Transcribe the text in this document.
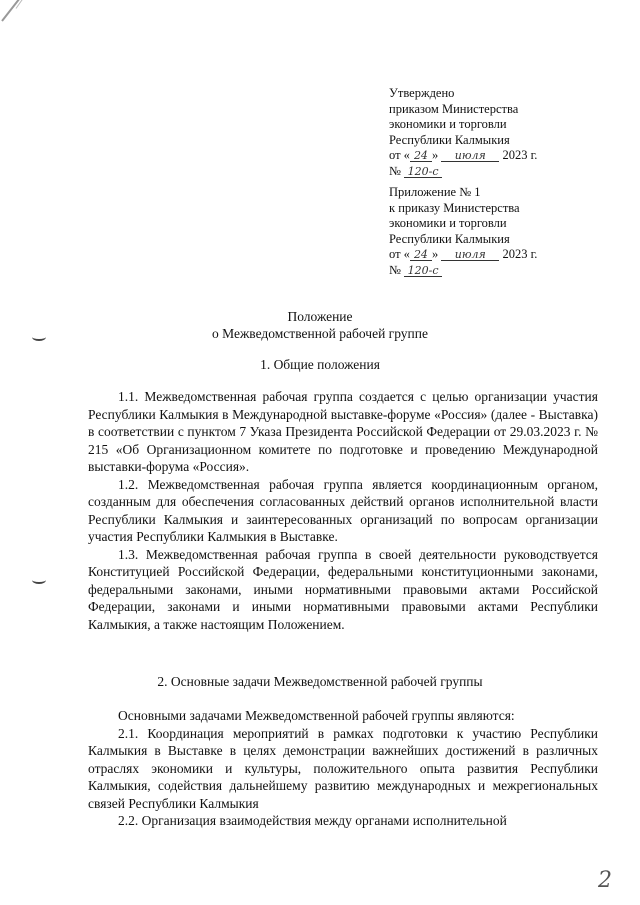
Утверждено
приказом Министерства
экономики и торговли
Республики Калмыкия
от « 24 » июля 2023 г.
№ 120-с
Приложение № 1
к приказу Министерства
экономики и торговли
Республики Калмыкия
от « 24 » июля 2023 г.
№ 120-с
Положение
о Межведомственной рабочей группе
1. Общие положения

1.1. Межведомственная рабочая группа создается с целью организации участия Республики Калмыкия в Международной выставке-форуме «Россия» (далее - Выставка) в соответствии с пунктом 7 Указа Президента Российской Федерации от 29.03.2023 г. № 215 «Об Организационном комитете по подготовке и проведению Международной выставки-форума «Россия».

1.2. Межведомственная рабочая группа является координационным органом, созданным для обеспечения согласованных действий органов исполнительной власти Республики Калмыкия и заинтересованных организаций по вопросам организации участия Республики Калмыкия в Выставке.

1.3. Межведомственная рабочая группа в своей деятельности руководствуется Конституцией Российской Федерации, федеральными конституционными законами, федеральными законами, иными нормативными правовыми актами Российской Федерации, законами и иными нормативными правовыми актами Республики Калмыкия, а также настоящим Положением.

2. Основные задачи Межведомственной рабочей группы

Основными задачами Межведомственной рабочей группы являются:

2.1. Координация мероприятий в рамках подготовки к участию Республики Калмыкия в Выставке в целях демонстрации важнейших достижений в различных отраслях экономики и культуры, положительного опыта развития Республики Калмыкия, содействия дальнейшему развитию международных и межрегиональных связей Республики Калмыкия

2.2. Организация взаимодействия между органами исполнительной

2
